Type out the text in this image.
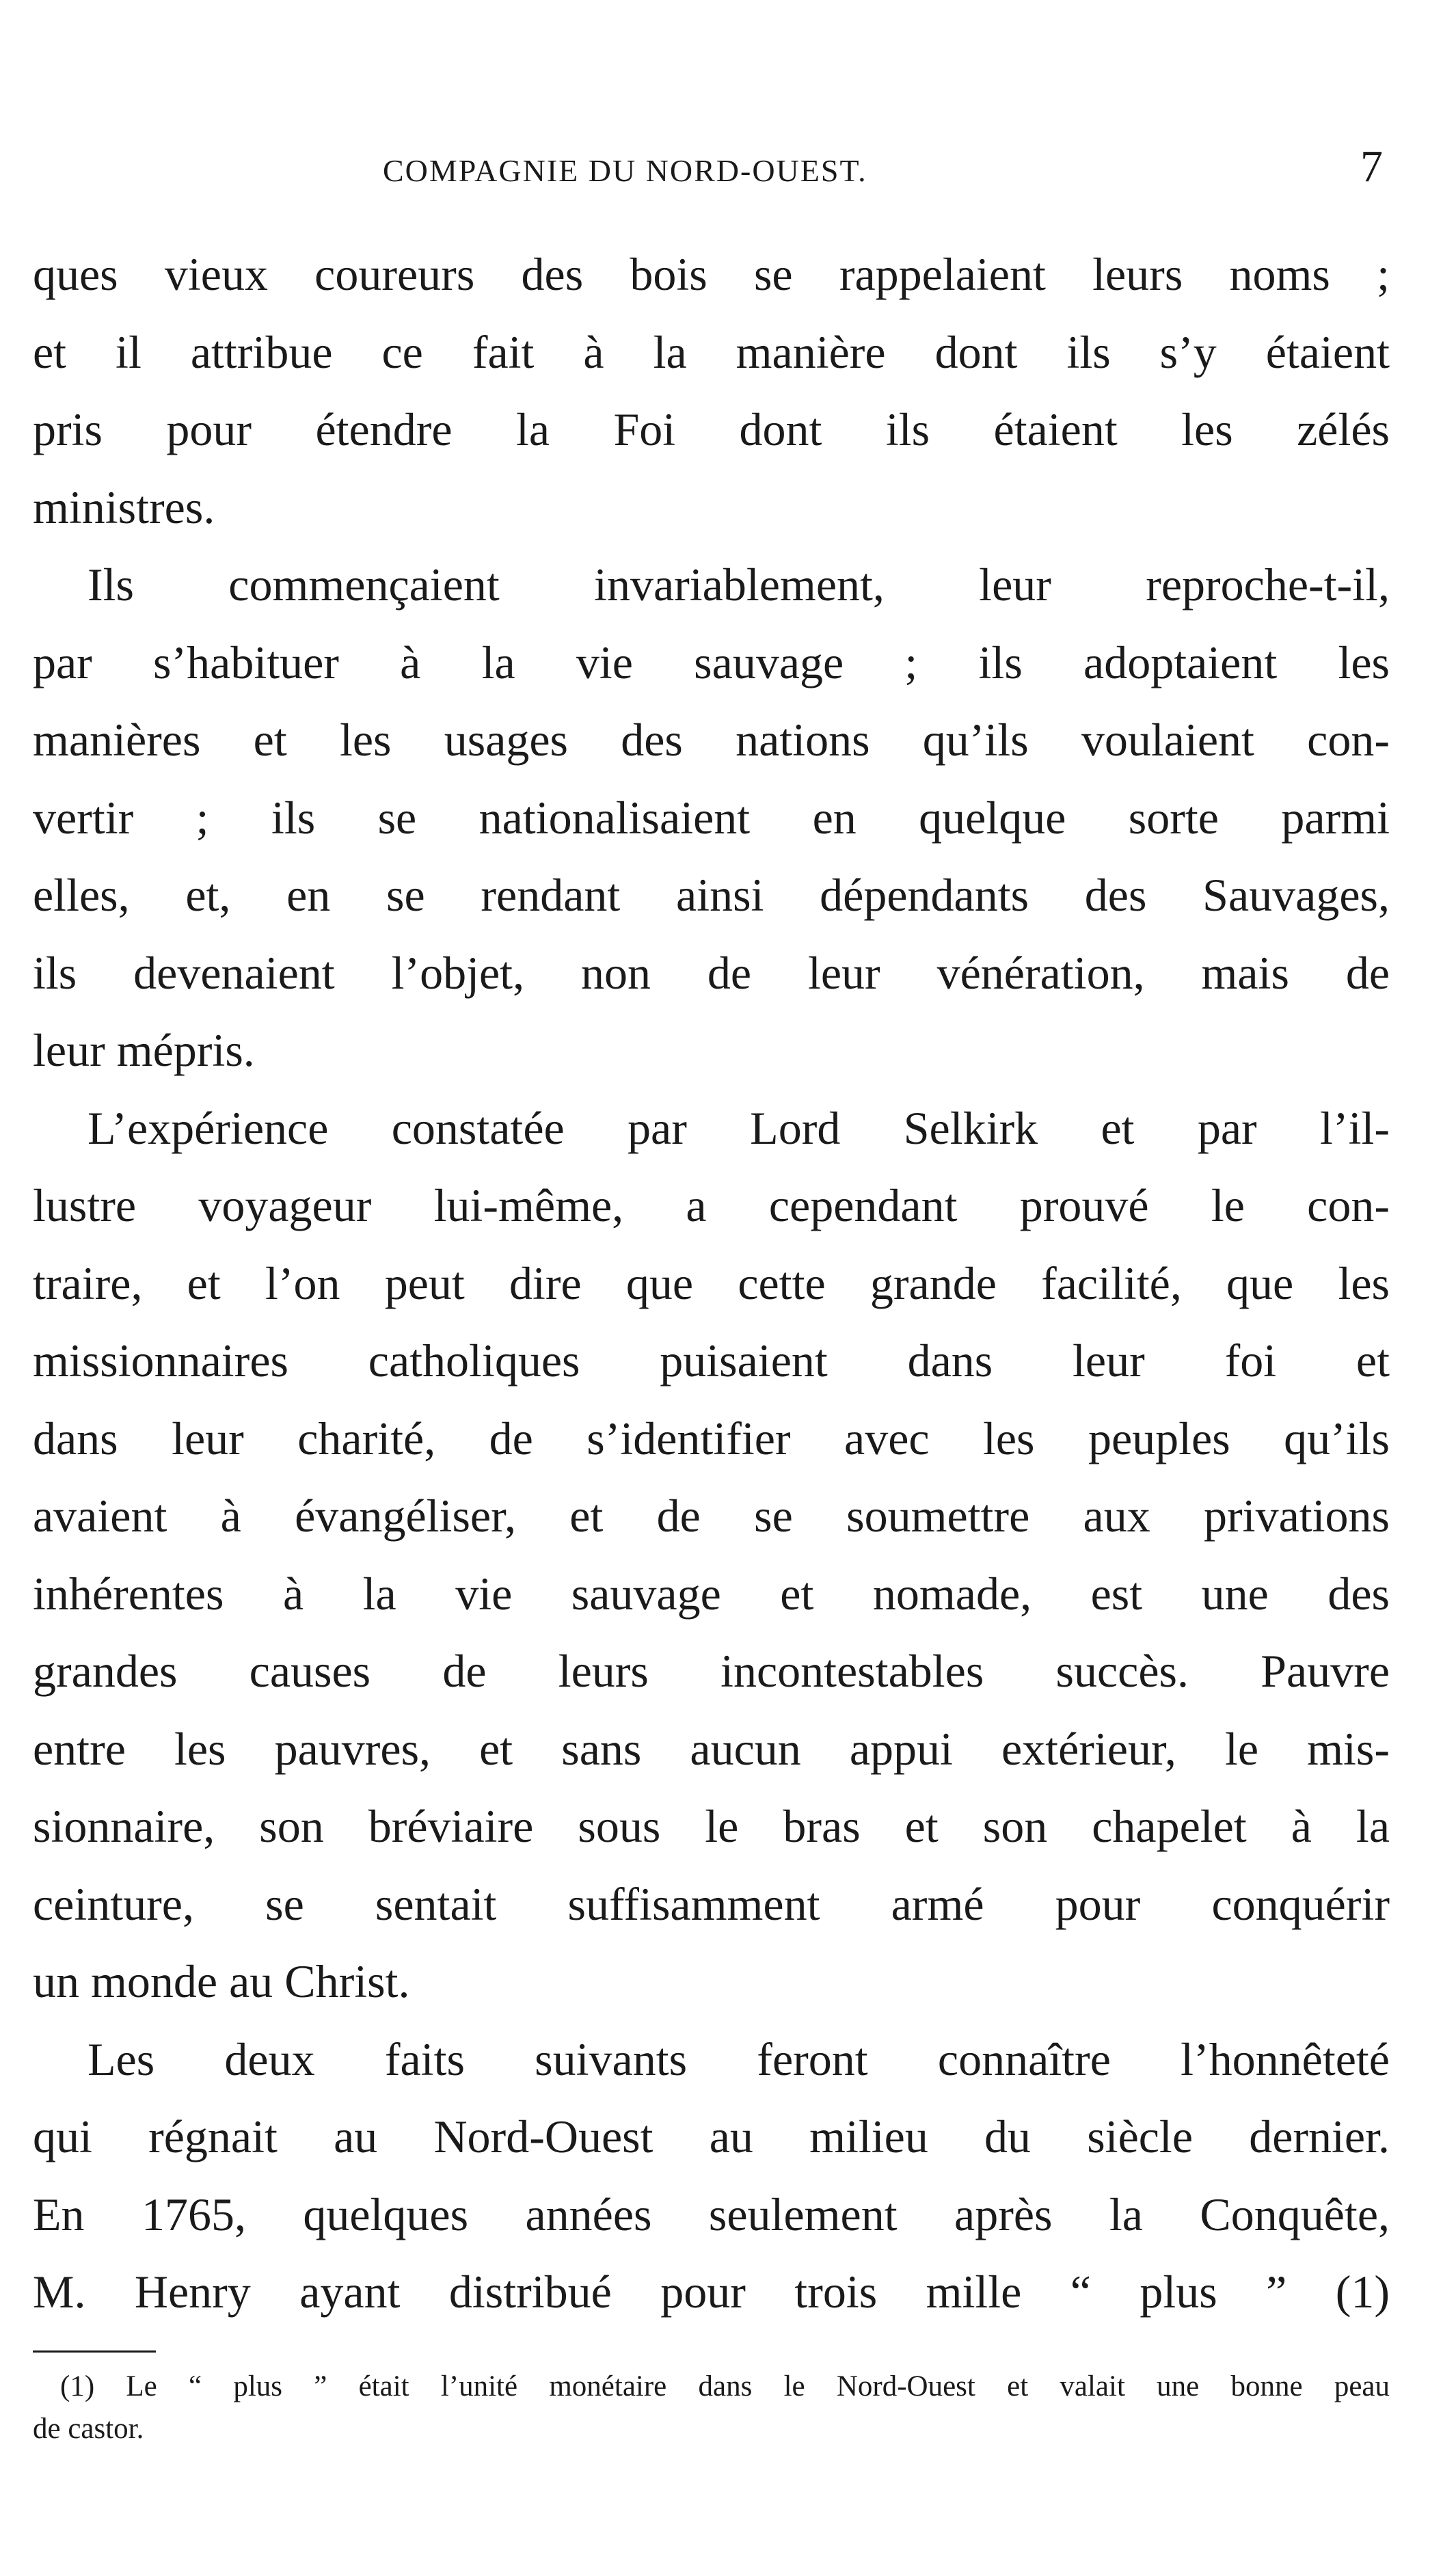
COMPAGNIE DU NORD-OUEST.	7
ques vieux coureurs des bois se rappelaient leurs noms ;
et il attribue ce fait à la manière dont ils s’y étaient
pris pour étendre la Foi dont ils étaient les zélés
ministres.
Ils commençaient invariablement, leur reproche-t-il,
par s’habituer à la vie sauvage ; ils adoptaient les
manières et les usages des nations qu’ils voulaient con-
vertir ; ils se nationalisaient en quelque sorte parmi
elles, et, en se rendant ainsi dépendants des Sauvages,
ils devenaient l’objet, non de leur vénération, mais de
leur mépris.
L’expérience constatée par Lord Selkirk et par l’il-
lustre voyageur lui-même, a cependant prouvé le con-
traire, et l’on peut dire que cette grande facilité, que les
missionnaires catholiques puisaient dans leur foi et
dans leur charité, de s’identifier avec les peuples qu’ils
avaient à évangéliser, et de se soumettre aux privations
inhérentes à la vie sauvage et nomade, est une des
grandes causes de leurs incontestables succès. Pauvre
entre les pauvres, et sans aucun appui extérieur, le mis-
sionnaire, son bréviaire sous le bras et son chapelet à la
ceinture, se sentait suffisamment armé pour conquérir
un monde au Christ.
Les deux faits suivants feront connaître l’honnêteté
qui régnait au Nord-Ouest au milieu du siècle dernier.
En 1765, quelques années seulement après la Conquête,
M. Henry ayant distribué pour trois mille “ plus ” (1)
(1) Le “ plus ” était l’unité monétaire dans le Nord-Ouest et valait une bonne peau
de castor.
